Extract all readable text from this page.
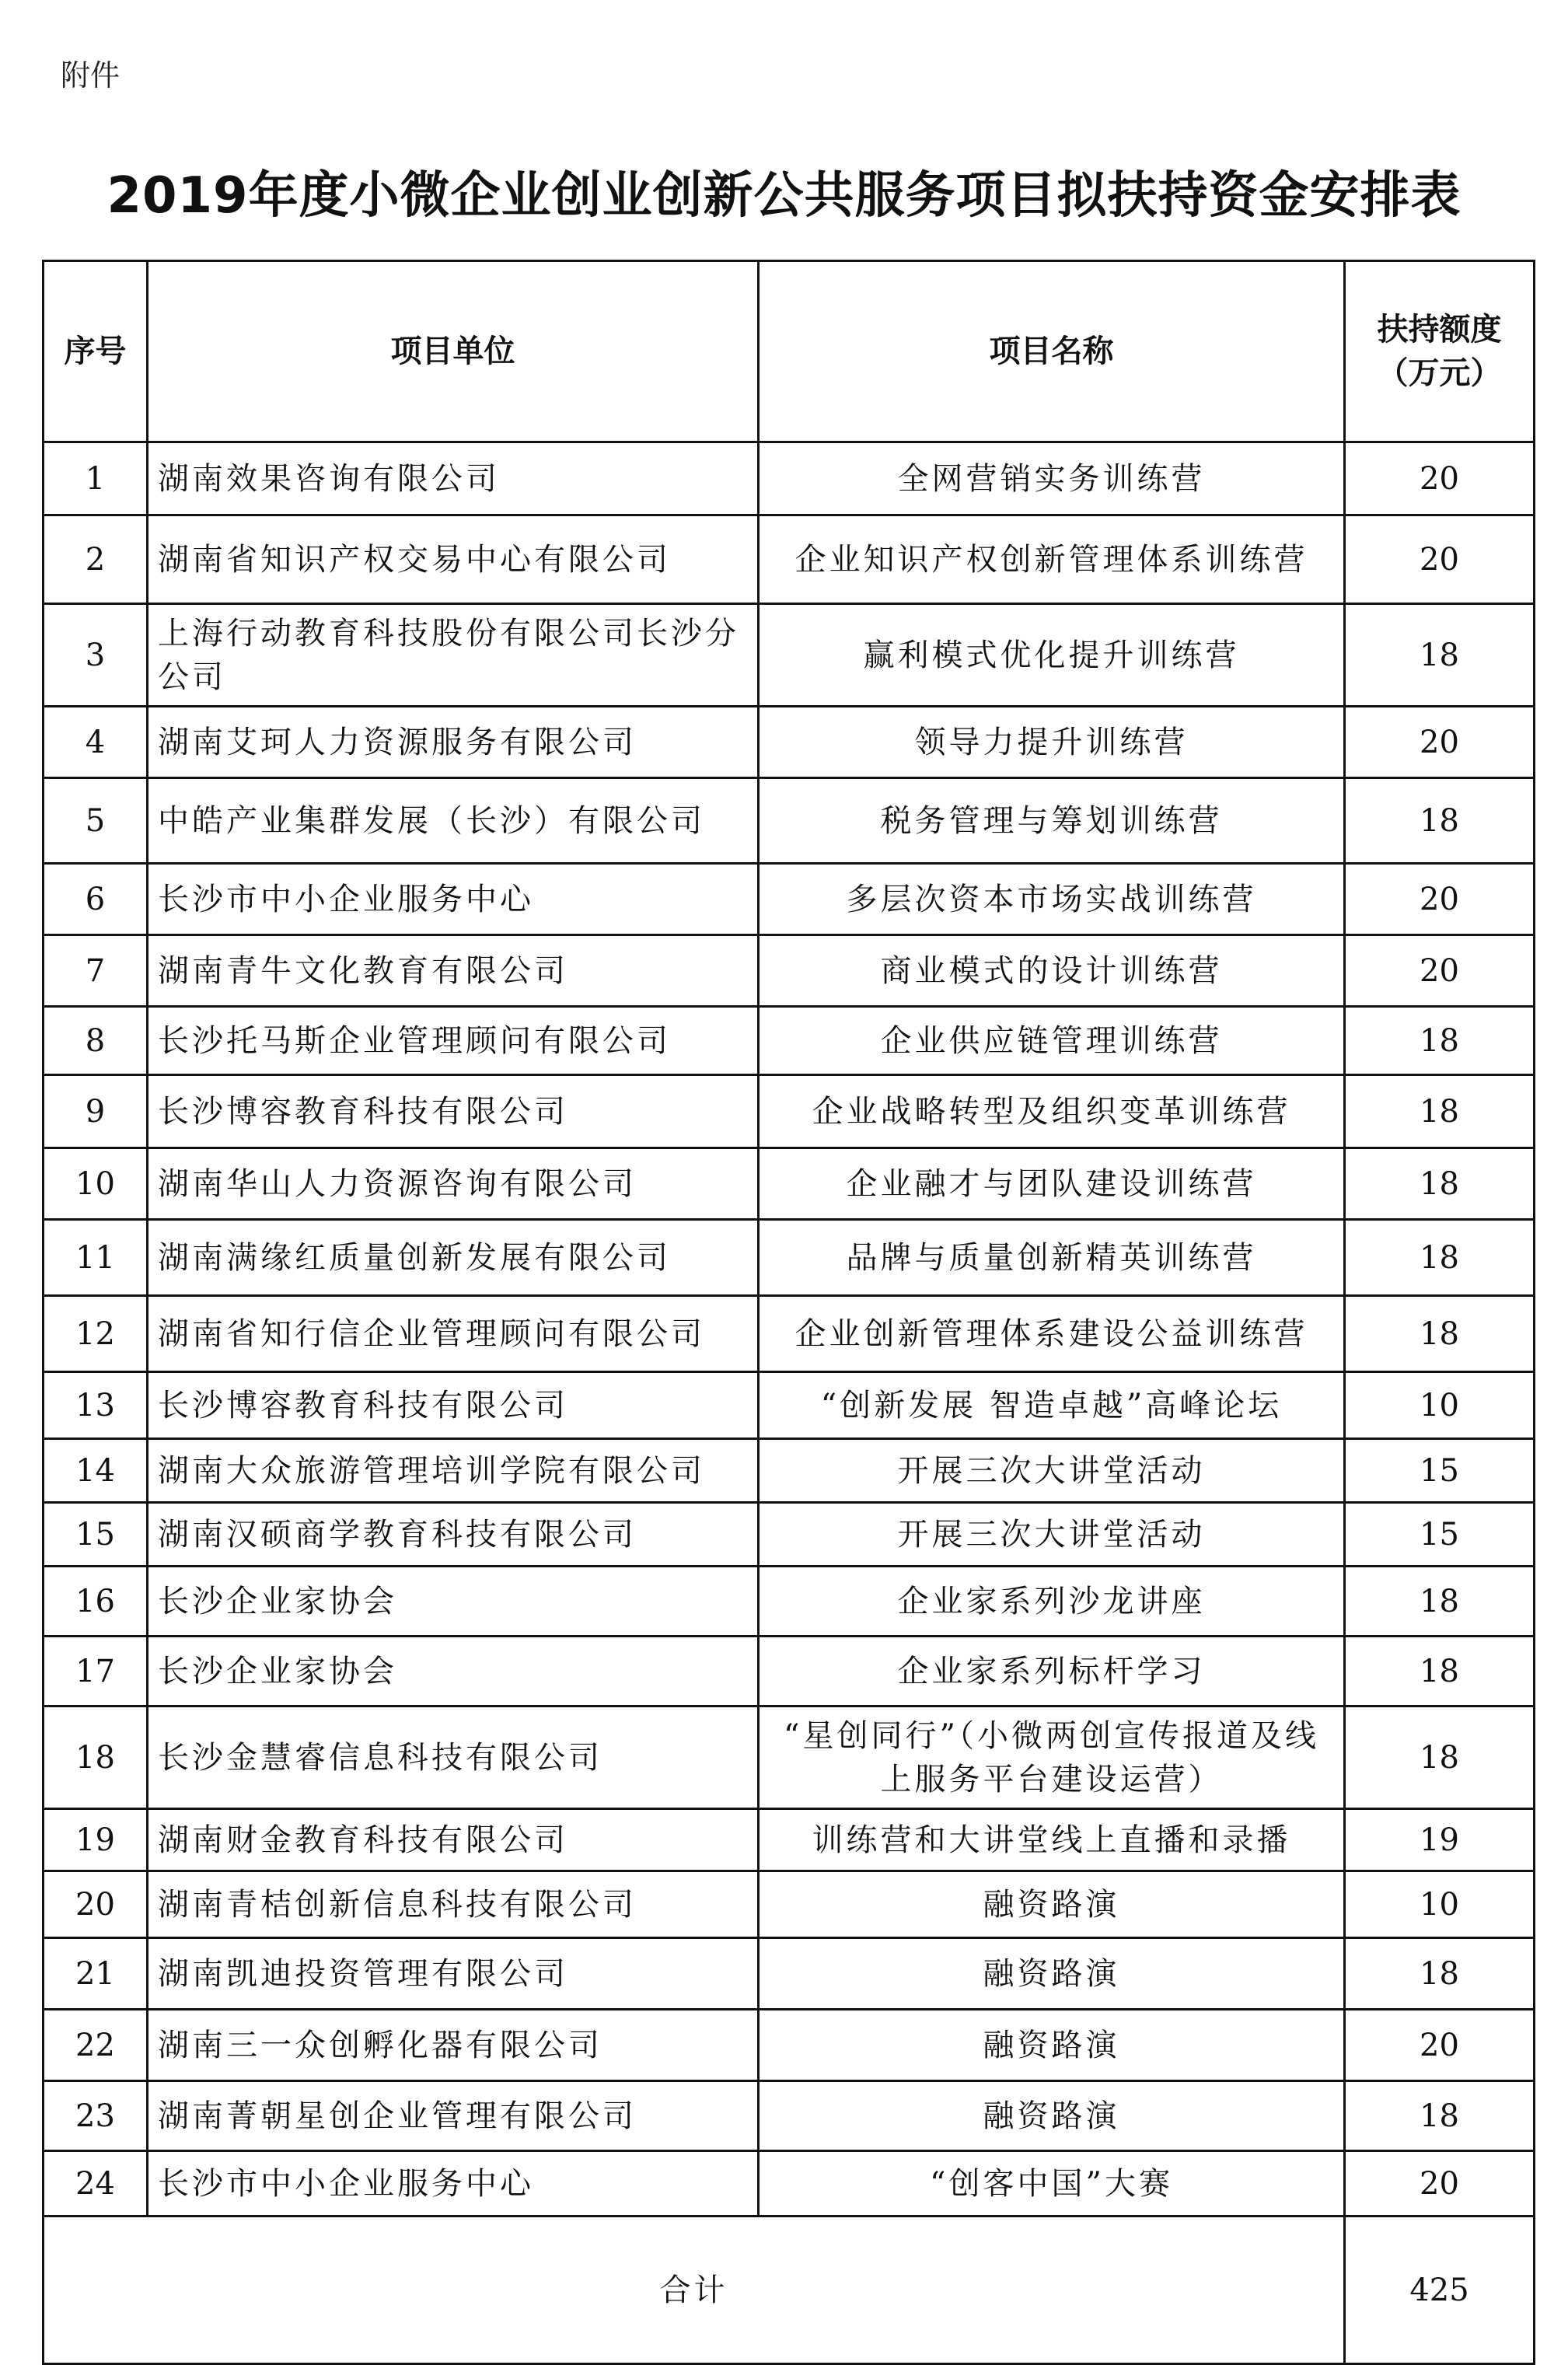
附件
2019年度小微企业创业创新公共服务项目拟扶持资金安排表
序号	项目单位	项目名称	扶持额度
（万元）

1	湖南效果咨询有限公司	全网营销实务训练营	20
2	湖南省知识产权交易中心有限公司	企业知识产权创新管理体系训练营	20
3	上海行动教育科技股份有限公司长沙分公司	赢利模式优化提升训练营	18
4	湖南艾珂人力资源服务有限公司	领导力提升训练营	20
5	中皓产业集群发展（长沙）有限公司	税务管理与筹划训练营	18
6	长沙市中小企业服务中心	多层次资本市场实战训练营	20
7	湖南青牛文化教育有限公司	商业模式的设计训练营	20
8	长沙托马斯企业管理顾问有限公司	企业供应链管理训练营	18
9	长沙博容教育科技有限公司	企业战略转型及组织变革训练营	18
10	湖南华山人力资源咨询有限公司	企业融才与团队建设训练营	18
11	湖南满缘红质量创新发展有限公司	品牌与质量创新精英训练营	18
12	湖南省知行信企业管理顾问有限公司	企业创新管理体系建设公益训练营	18
13	长沙博容教育科技有限公司	“创新发展 智造卓越”高峰论坛	10
14	湖南大众旅游管理培训学院有限公司	开展三次大讲堂活动	15
15	湖南汉硕商学教育科技有限公司	开展三次大讲堂活动	15
16	长沙企业家协会	企业家系列沙龙讲座	18
17	长沙企业家协会	企业家系列标杆学习	18
18	长沙金慧睿信息科技有限公司	“星创同行”（小微两创宣传报道及线上服务平台建设运营）	18
19	湖南财金教育科技有限公司	训练营和大讲堂线上直播和录播	19
20	湖南青桔创新信息科技有限公司	融资路演	10
21	湖南凯迪投资管理有限公司	融资路演	18
22	湖南三一众创孵化器有限公司	融资路演	20
23	湖南菁朝星创企业管理有限公司	融资路演	18
24	长沙市中小企业服务中心	“创客中国”大赛	20
合计			425
